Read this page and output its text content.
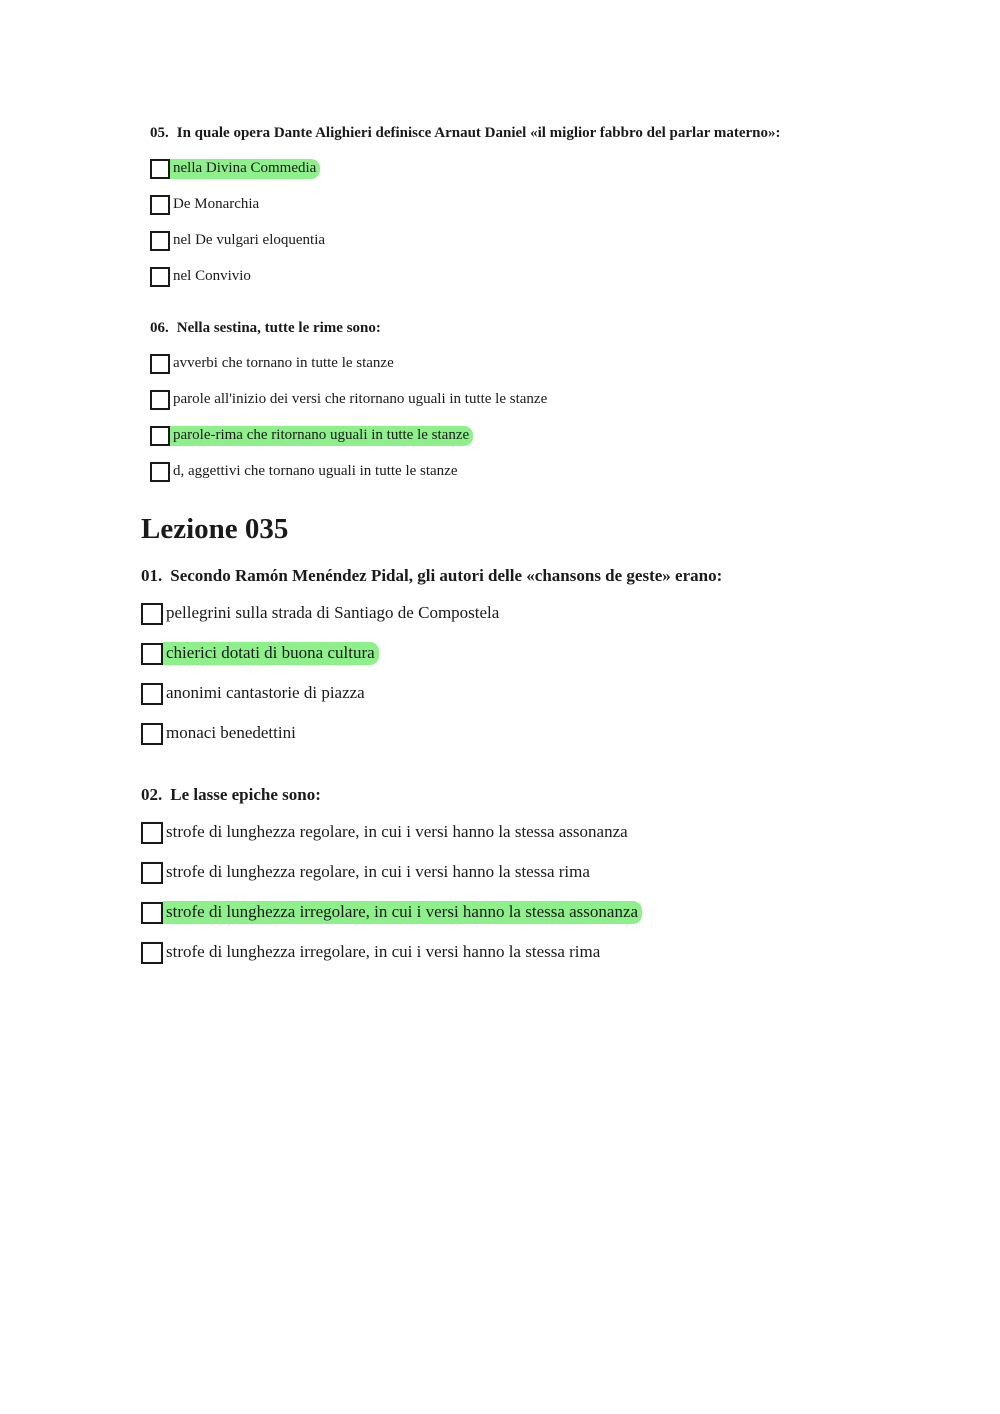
05. In quale opera Dante Alighieri definisce Arnaut Daniel «il miglior fabbro del parlar materno»:
nella Divina Commedia
De Monarchia
nel De vulgari eloquentia
nel Convivio
06. Nella sestina, tutte le rime sono:
avverbi che tornano in tutte le stanze
parole all'inizio dei versi che ritornano uguali in tutte le stanze
parole-rima che ritornano uguali in tutte le stanze
d, aggettivi che tornano uguali in tutte le stanze
Lezione 035
01. Secondo Ramón Menéndez Pidal, gli autori delle «chansons de geste» erano:
pellegrini sulla strada di Santiago de Compostela
chierici dotati di buona cultura
anonimi cantastorie di piazza
monaci benedettini
02. Le lasse epiche sono:
strofe di lunghezza regolare, in cui i versi hanno la stessa assonanza
strofe di lunghezza regolare, in cui i versi hanno la stessa rima
strofe di lunghezza irregolare, in cui i versi hanno la stessa assonanza
strofe di lunghezza irregolare, in cui i versi hanno la stessa rima
